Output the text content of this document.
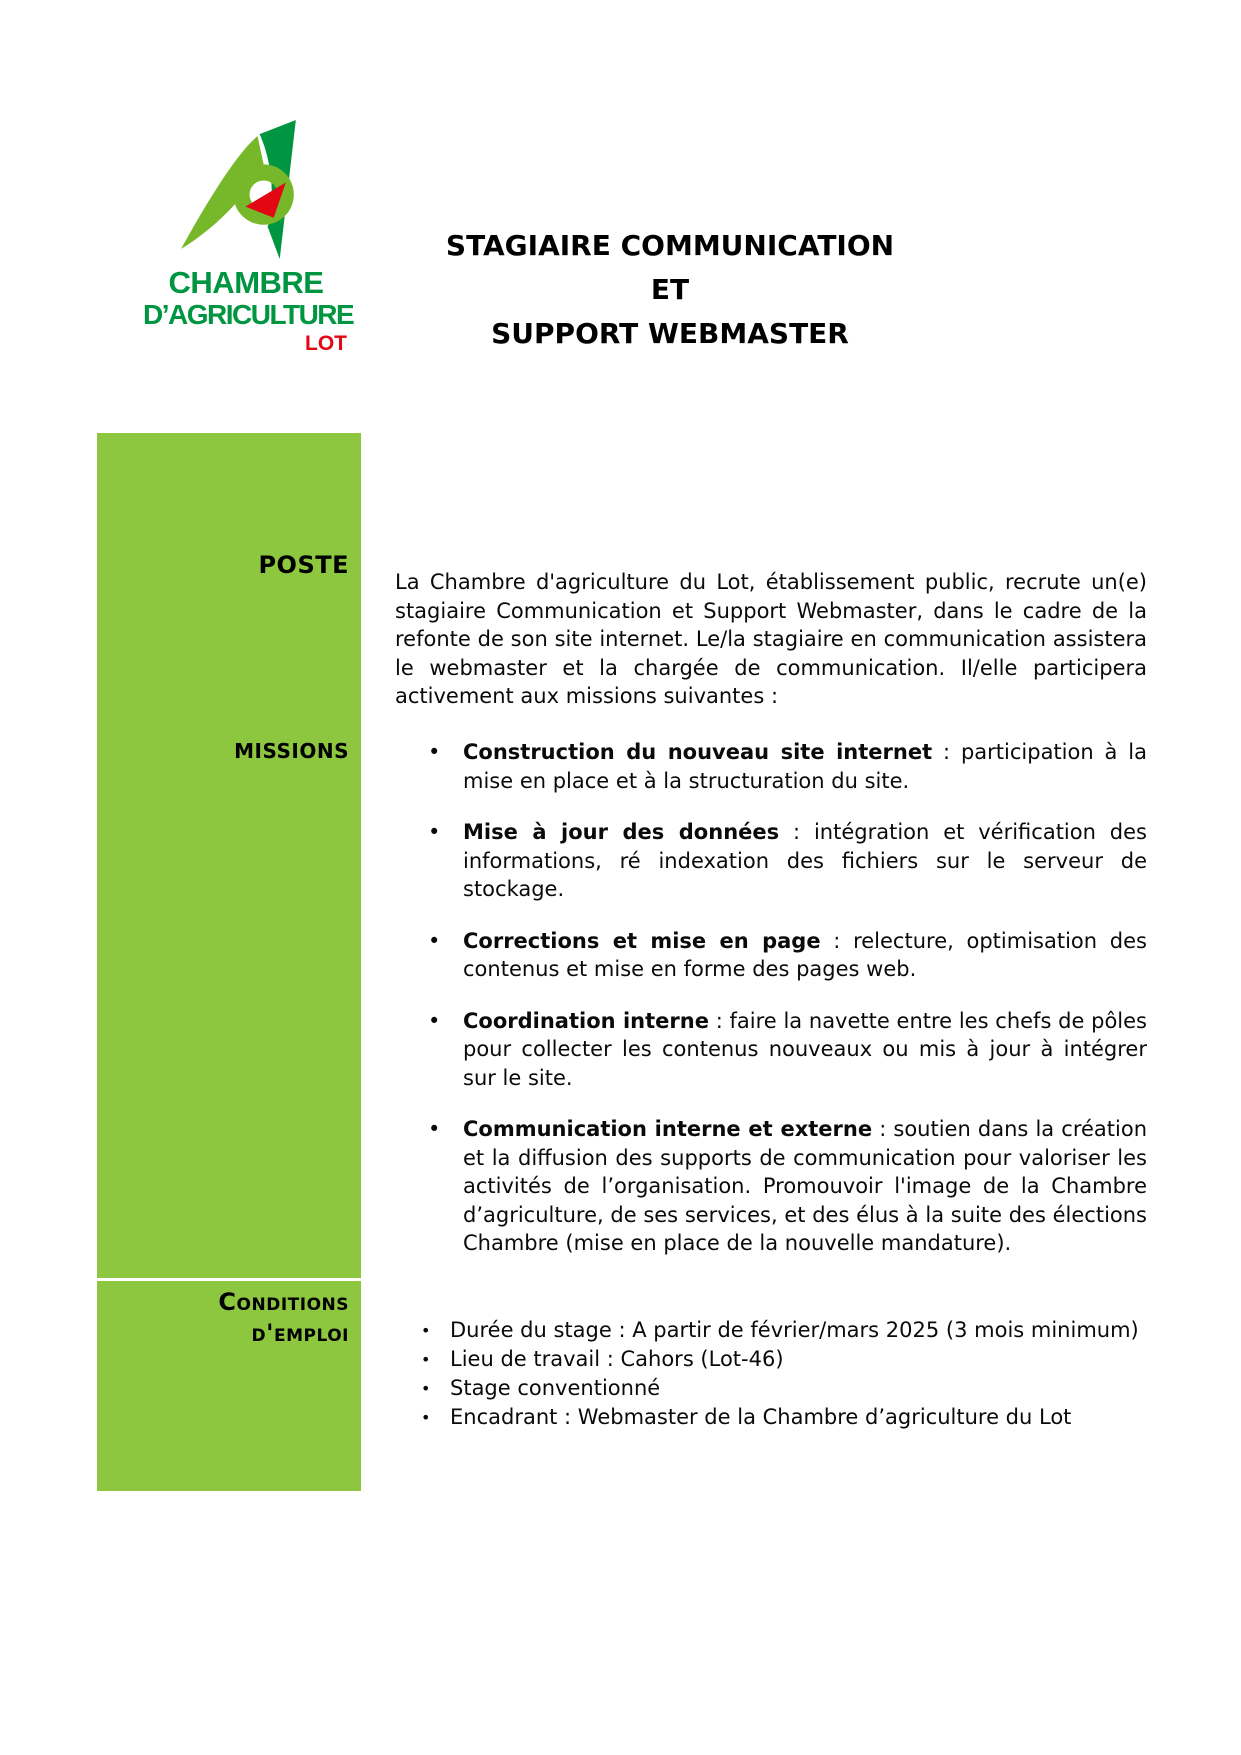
CHAMBRE
D’AGRICULTURE
LOT
STAGIAIRE COMMUNICATION
ET
SUPPORT WEBMASTER
POSTE
MISSIONS
Conditions
d'emploi

La Chambre d'agriculture du Lot, établissement public, recrute un(e) stagiaire Communication et Support Webmaster, dans le cadre de la refonte de son site internet. Le/la stagiaire en communication assistera le webmaster et la chargée de communication. Il/elle participera activement aux missions suivantes :

• Construction du nouveau site internet : participation à la mise en place et à la structuration du site.
• Mise à jour des données : intégration et vérification des informations, ré indexation des fichiers sur le serveur de stockage.
• Corrections et mise en page : relecture, optimisation des contenus et mise en forme des pages web.
• Coordination interne : faire la navette entre les chefs de pôles pour collecter les contenus nouveaux ou mis à jour à intégrer sur le site.
• Communication interne et externe : soutien dans la création et la diffusion des supports de communication pour valoriser les activités de l’organisation. Promouvoir l'image de la Chambre d’agriculture, de ses services, et des élus à la suite des élections Chambre (mise en place de la nouvelle mandature).
• Durée du stage : A partir de février/mars 2025 (3 mois minimum)
• Lieu de travail : Cahors (Lot-46)
• Stage conventionné
• Encadrant : Webmaster de la Chambre d’agriculture du Lot
